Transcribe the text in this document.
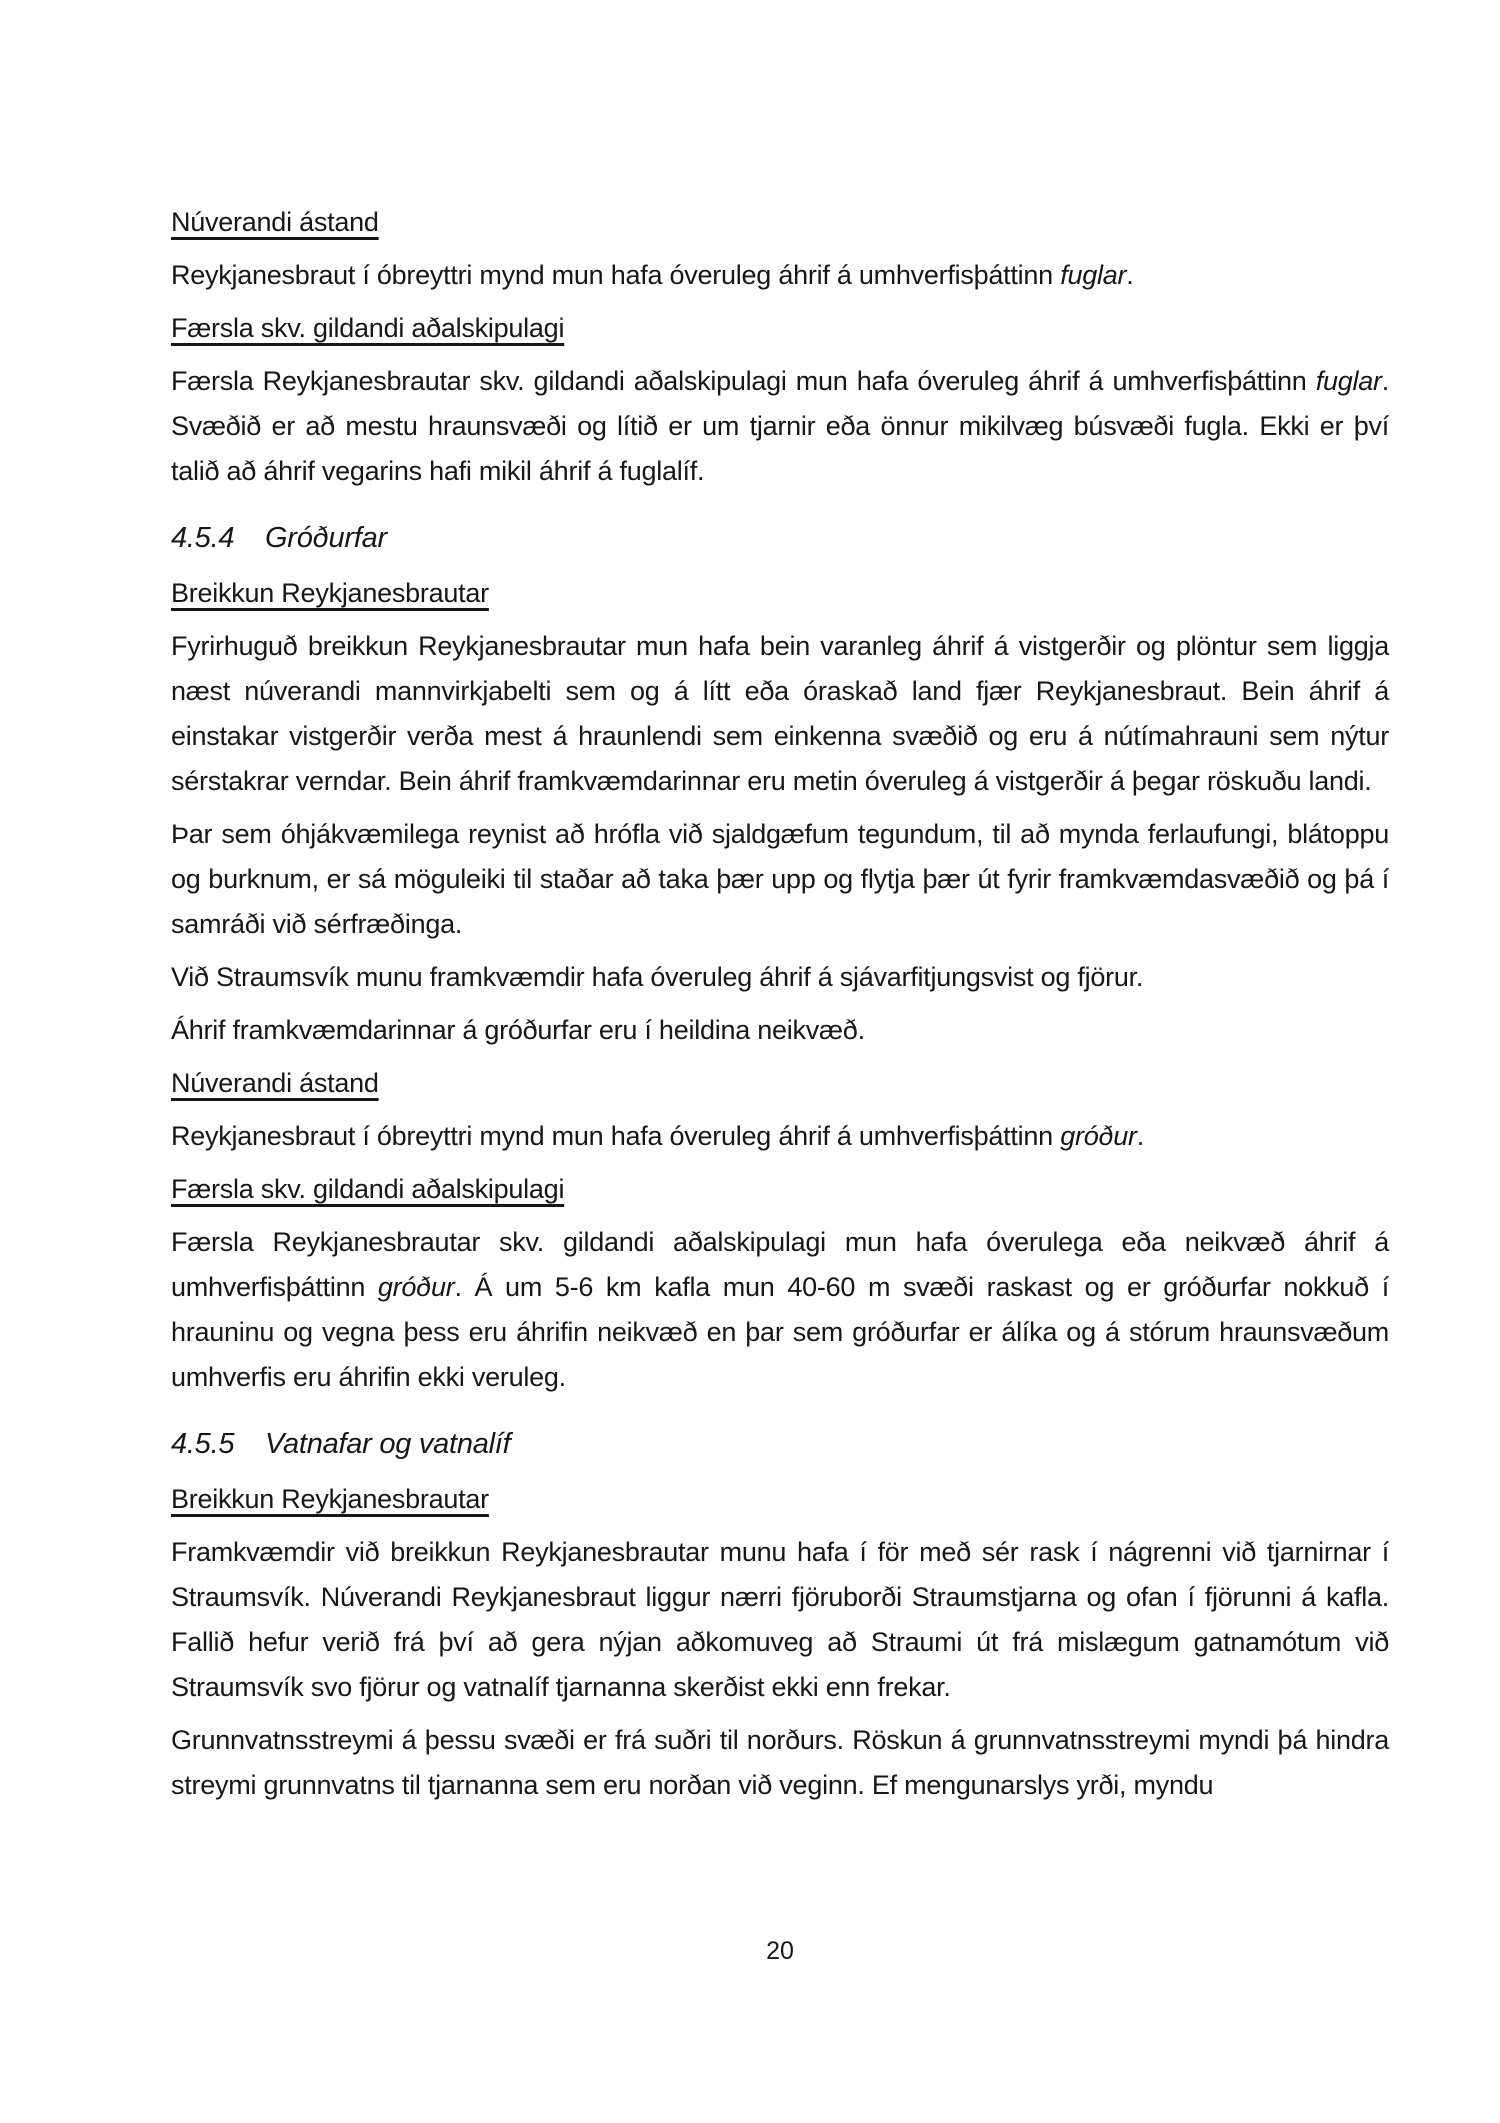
Núverandi ástand

Reykjanesbraut í óbreyttri mynd mun hafa óveruleg áhrif á umhverfisþáttinn fuglar.

Færsla skv. gildandi aðalskipulagi

Færsla Reykjanesbrautar skv. gildandi aðalskipulagi mun hafa óveruleg áhrif á umhverfisþáttinn fuglar. Svæðið er að mestu hraunsvæði og lítið er um tjarnir eða önnur mikilvæg búsvæði fugla. Ekki er því talið að áhrif vegarins hafi mikil áhrif á fuglalíf.

4.5.4 Gróðurfar

Breikkun Reykjanesbrautar

Fyrirhuguð breikkun Reykjanesbrautar mun hafa bein varanleg áhrif á vistgerðir og plöntur sem liggja næst núverandi mannvirkjabelti sem og á lítt eða óraskað land fjær Reykjanesbraut. Bein áhrif á einstakar vistgerðir verða mest á hraunlendi sem einkenna svæðið og eru á nútímahrauni sem nýtur sérstakrar verndar. Bein áhrif framkvæmdarinnar eru metin óveruleg á vistgerðir á þegar röskuðu landi.

Þar sem óhjákvæmilega reynist að hrófla við sjaldgæfum tegundum, til að mynda ferlaufungi, blátoppu og burknum, er sá möguleiki til staðar að taka þær upp og flytja þær út fyrir framkvæmdasvæðið og þá í samráði við sérfræðinga.

Við Straumsvík munu framkvæmdir hafa óveruleg áhrif á sjávarfitjungsvist og fjörur.

Áhrif framkvæmdarinnar á gróðurfar eru í heildina neikvæð.

Núverandi ástand

Reykjanesbraut í óbreyttri mynd mun hafa óveruleg áhrif á umhverfisþáttinn gróður.

Færsla skv. gildandi aðalskipulagi

Færsla Reykjanesbrautar skv. gildandi aðalskipulagi mun hafa óverulega eða neikvæð áhrif á umhverfisþáttinn gróður. Á um 5-6 km kafla mun 40-60 m svæði raskast og er gróðurfar nokkuð í hrauninu og vegna þess eru áhrifin neikvæð en þar sem gróðurfar er álíka og á stórum hraunsvæðum umhverfis eru áhrifin ekki veruleg.

4.5.5 Vatnafar og vatnalíf

Breikkun Reykjanesbrautar

Framkvæmdir við breikkun Reykjanesbrautar munu hafa í för með sér rask í nágrenni við tjarnirnar í Straumsvík. Núverandi Reykjanesbraut liggur nærri fjöruborði Straumstjarna og ofan í fjörunni á kafla. Fallið hefur verið frá því að gera nýjan aðkomuveg að Straumi út frá mislægum gatnamótum við Straumsvík svo fjörur og vatnalíf tjarnanna skerðist ekki enn frekar.

Grunnvatnsstreymi á þessu svæði er frá suðri til norðurs. Röskun á grunnvatnsstreymi myndi þá hindra streymi grunnvatns til tjarnanna sem eru norðan við veginn. Ef mengunarslys yrði, myndu

20
